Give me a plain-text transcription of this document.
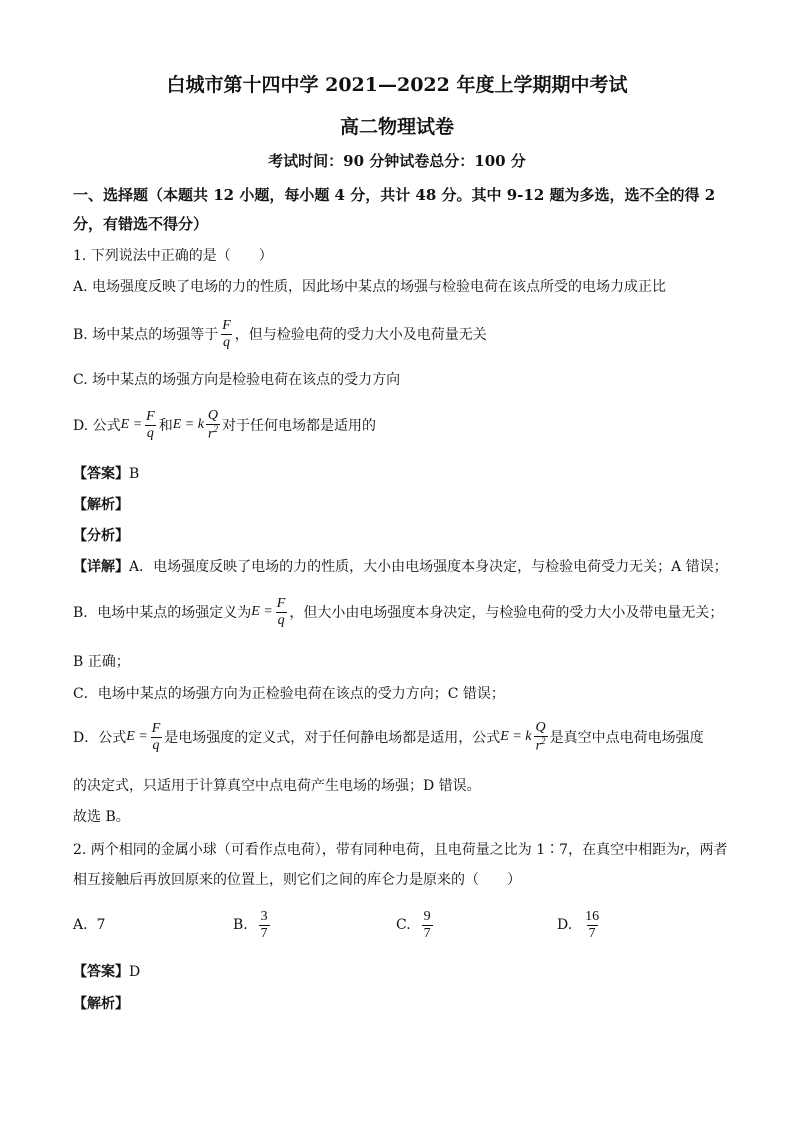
白城市第十四中学 2021—2022 年度上学期期中考试
高二物理试卷
考试时间：90 分钟试卷总分：100 分
一、选择题（本题共 12 小题，每小题 4 分，共计 48 分。其中 9-12 题为多选，选不全的得 2
分，有错选不得分）
1. 下列说法中正确的是（　　）
A. 电场强度反映了电场的力的性质，因此场中某点的场强与检验电荷在该点所受的电场力成正比
B. 场中某点的场强等于 $\frac{F}{q}$ ，但与检验电荷的受力大小及电荷量无关
C. 场中某点的场强方向是检验电荷在该点的受力方向
D. 公式 $E = \frac{F}{q}$ 和 E = k $\frac{Q}{r^2}$ 对于任何电场都是适用的
【答案】B
【解析】
【分析】
【详解】A．电场强度反映了电场的力的性质，大小由电场强度本身决定，与检验电荷受力无关；A 错误；
B．电场中某点的场强定义为 $E = \frac{F}{q}$ ，但大小由电场强度本身决定，与检验电荷的受力大小及带电量无关；
B 正确；
C．电场中某点的场强方向为正检验电荷在该点的受力方向；C 错误；
D．公式 $E = \frac{F}{q}$ 是电场强度的定义式，对于任何静电场都是适用，公式 E = k $\frac{Q}{r^2}$ 是真空中点电荷电场强度
的决定式，只适用于计算真空中点电荷产生电场的场强；D 错误。
故选 B。
2. 两个相同的金属小球（可看作点电荷），带有同种电荷，且电荷量之比为 1∶7，在真空中相距为r，两者
相互接触后再放回原来的位置上，则它们之间的库仑力是原来的（　　）
A.
7	B.
$\frac{3}{7}$	C.
$\frac{9}{7}$	D.
$\frac{16}{7}$
【答案】D
【解析】
